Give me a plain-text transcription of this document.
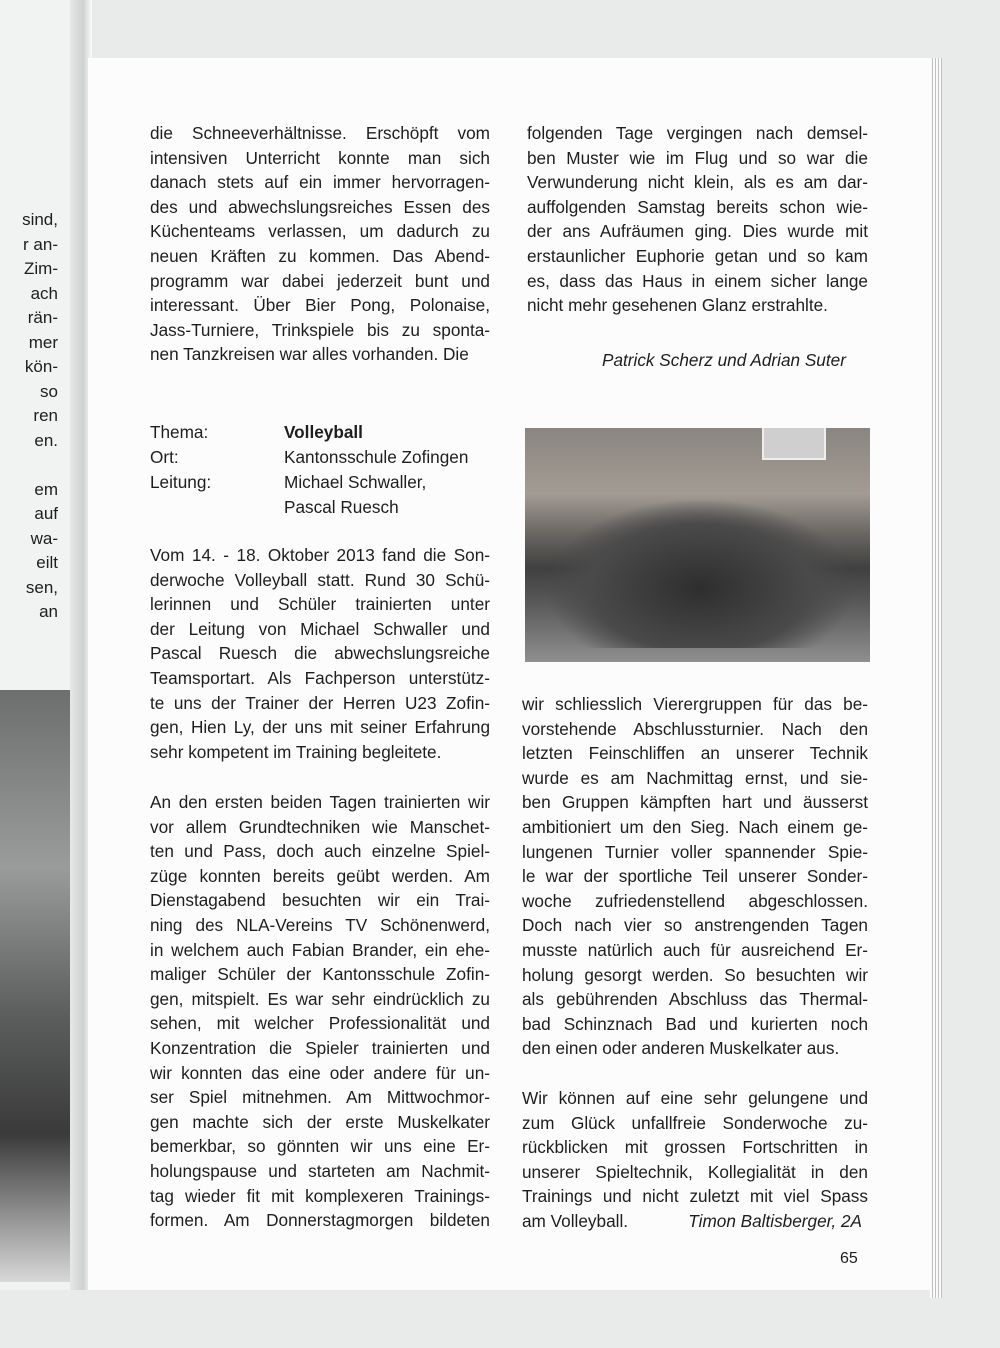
sind,
r an-
Zim-
ach
rän-
mer
kön-
so
ren
en.
em
auf
wa-
eilt
sen,
an
die Schneeverhältnisse. Erschöpft vom
intensiven Unterricht konnte man sich
danach stets auf ein immer hervorragen-
des und abwechslungsreiches Essen des
Küchenteams verlassen, um dadurch zu
neuen Kräften zu kommen. Das Abend-
programm war dabei jederzeit bunt und
interessant. Über Bier Pong, Polonaise,
Jass-Turniere, Trinkspiele bis zu sponta-
nen Tanzkreisen war alles vorhanden. Die
folgenden Tage vergingen nach demsel-
ben Muster wie im Flug und so war die
Verwunderung nicht klein, als es am dar-
auffolgenden Samstag bereits schon wie-
der ans Aufräumen ging. Dies wurde mit
erstaunlicher Euphorie getan und so kam
es, dass das Haus in einem sicher lange
nicht mehr gesehenen Glanz erstrahlte.
Patrick Scherz und Adrian Suter
Thema:	Volleyball
Ort:	Kantonsschule Zofingen
Leitung:	Michael Schwaller,
Pascal Ruesch
Vom 14. - 18. Oktober 2013 fand die Son-
derwoche Volleyball statt. Rund 30 Schü-
lerinnen und Schüler trainierten unter
der Leitung von Michael Schwaller und
Pascal Ruesch die abwechslungsreiche
Teamsportart. Als Fachperson unterstütz-
te uns der Trainer der Herren U23 Zofin-
gen, Hien Ly, der uns mit seiner Erfahrung
sehr kompetent im Training begleitete.
An den ersten beiden Tagen trainierten wir
vor allem Grundtechniken wie Manschet-
ten und Pass, doch auch einzelne Spiel-
züge konnten bereits geübt werden. Am
Dienstagabend besuchten wir ein Trai-
ning des NLA-Vereins TV Schönenwerd,
in welchem auch Fabian Brander, ein ehe-
maliger Schüler der Kantonsschule Zofin-
gen, mitspielt. Es war sehr eindrücklich zu
sehen, mit welcher Professionalität und
Konzentration die Spieler trainierten und
wir konnten das eine oder andere für un-
ser Spiel mitnehmen. Am Mittwochmor-
gen machte sich der erste Muskelkater
bemerkbar, so gönnten wir uns eine Er-
holungspause und starteten am Nachmit-
tag wieder fit mit komplexeren Trainings-
formen. Am Donnerstagmorgen bildeten
wir schliesslich Vierergruppen für das be-
vorstehende Abschlussturnier. Nach den
letzten Feinschliffen an unserer Technik
wurde es am Nachmittag ernst, und sie-
ben Gruppen kämpften hart und äusserst
ambitioniert um den Sieg. Nach einem ge-
lungenen Turnier voller spannender Spie-
le war der sportliche Teil unserer Sonder-
woche zufriedenstellend abgeschlossen.
Doch nach vier so anstrengenden Tagen
musste natürlich auch für ausreichend Er-
holung gesorgt werden. So besuchten wir
als gebührenden Abschluss das Thermal-
bad Schinznach Bad und kurierten noch
den einen oder anderen Muskelkater aus.
Wir können auf eine sehr gelungene und
zum Glück unfallfreie Sonderwoche zu-
rückblicken mit grossen Fortschritten in
unserer Spieltechnik, Kollegialität in den
Trainings und nicht zuletzt mit viel Spass
am Volleyball.	Timon Baltisberger, 2A
65
